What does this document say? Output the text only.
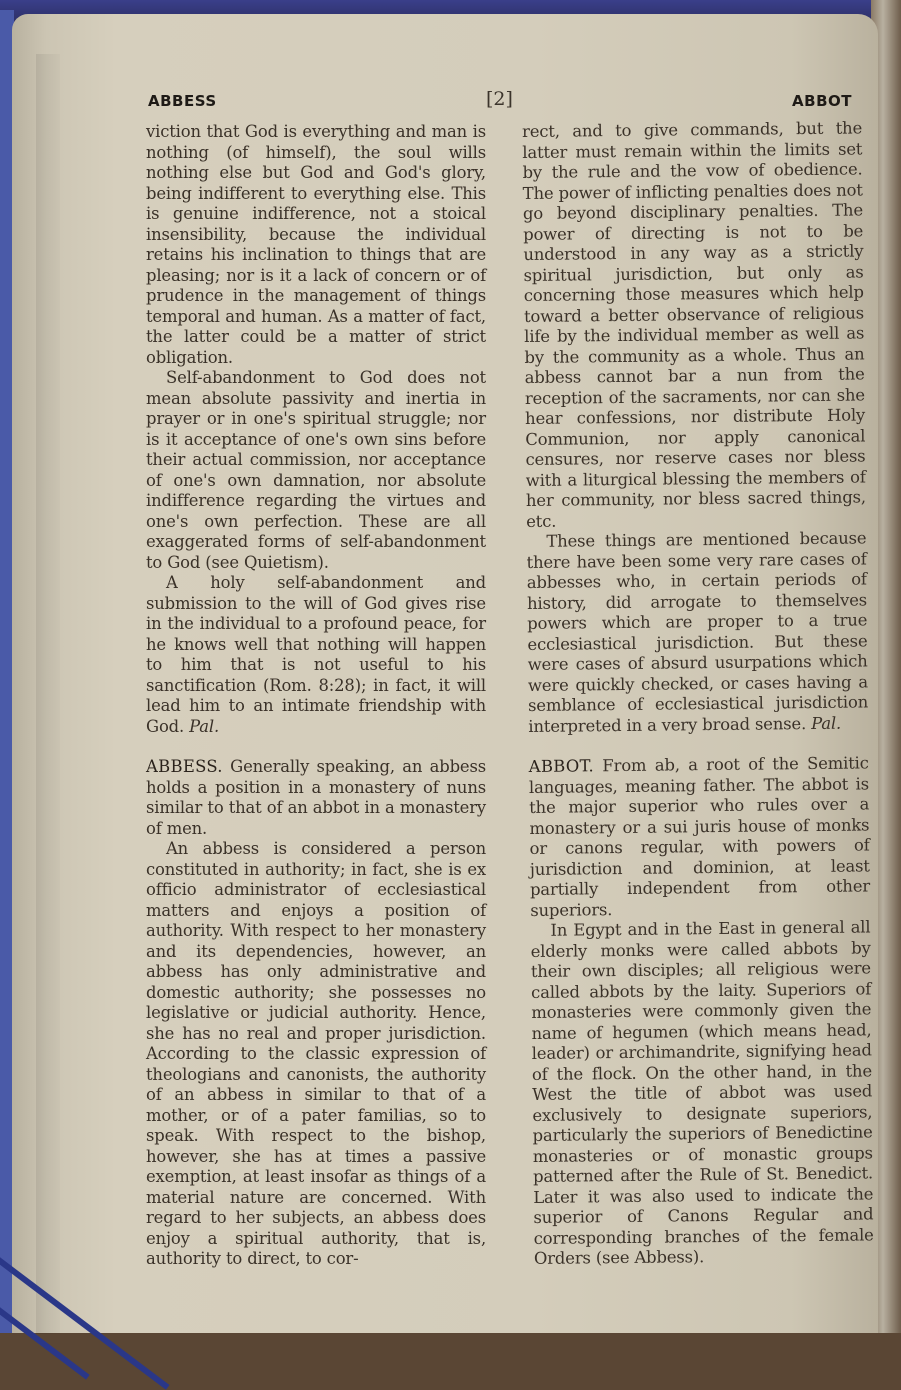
ABBESS	[2]	ABBOT

viction that God is everything and man is nothing (of himself), the soul wills nothing else but God and God's glory, being indifferent to everything else. This is genuine indifference, not a stoical insensibility, because the individual retains his inclination to things that are pleasing; nor is it a lack of concern or of prudence in the management of things temporal and human. As a matter of fact, the latter could be a matter of strict obligation.

Self-abandonment to God does not mean absolute passivity and inertia in prayer or in one's spiritual struggle; nor is it acceptance of one's own sins before their actual commission, nor acceptance of one's own damnation, nor absolute indifference regarding the virtues and one's own perfection. These are all exaggerated forms of self-abandonment to God (see Quietism).

A holy self-abandonment and submission to the will of God gives rise in the individual to a profound peace, for he knows well that nothing will happen to him that is not useful to his sanctification (Rom. 8:28); in fact, it will lead him to an intimate friendship with God. Pal.

ABBESS. Generally speaking, an abbess holds a position in a monastery of nuns similar to that of an abbot in a monastery of men.

An abbess is considered a person constituted in authority; in fact, she is ex officio administrator of ecclesiastical matters and enjoys a position of authority. With respect to her monastery and its dependencies, however, an abbess has only administrative and domestic authority; she possesses no legislative or judicial authority. Hence, she has no real and proper jurisdiction. According to the classic expression of theologians and canonists, the authority of an abbess in similar to that of a mother, or of a pater familias, so to speak. With respect to the bishop, however, she has at times a passive exemption, at least insofar as things of a material nature are concerned. With regard to her subjects, an abbess does enjoy a spiritual authority, that is, authority to direct, to cor-

rect, and to give commands, but the latter must remain within the limits set by the rule and the vow of obedience. The power of inflicting penalties does not go beyond disciplinary penalties. The power of directing is not to be understood in any way as a strictly spiritual jurisdiction, but only as concerning those measures which help toward a better observance of religious life by the individual member as well as by the community as a whole. Thus an abbess cannot bar a nun from the reception of the sacraments, nor can she hear confessions, nor distribute Holy Communion, nor apply canonical censures, nor reserve cases nor bless with a liturgical blessing the members of her community, nor bless sacred things, etc.

These things are mentioned because there have been some very rare cases of abbesses who, in certain periods of history, did arrogate to themselves powers which are proper to a true ecclesiastical jurisdiction. But these were cases of absurd usurpations which were quickly checked, or cases having a semblance of ecclesiastical jurisdiction interpreted in a very broad sense. Pal.

ABBOT. From ab, a root of the Semitic languages, meaning father. The abbot is the major superior who rules over a monastery or a sui juris house of monks or canons regular, with powers of jurisdiction and dominion, at least partially independent from other superiors.

In Egypt and in the East in general all elderly monks were called abbots by their own disciples; all religious were called abbots by the laity. Superiors of monasteries were commonly given the name of hegumen (which means head, leader) or archimandrite, signifying head of the flock. On the other hand, in the West the title of abbot was used exclusively to designate superiors, particularly the superiors of Benedictine monasteries or of monastic groups patterned after the Rule of St. Benedict. Later it was also used to indicate the superior of Canons Regular and corresponding branches of the female Orders (see Abbess).
